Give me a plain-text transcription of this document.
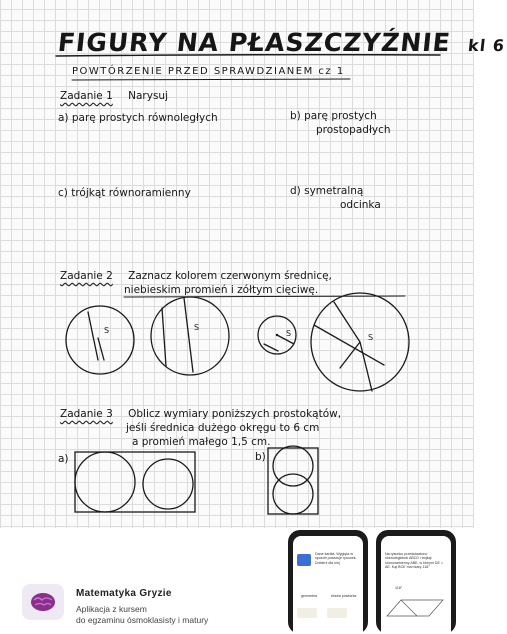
FIGURY NA PŁASZCZYŹNIE kl 6
POWTÓRZENIE PRZED SPRAWDZIANEM cz 1
Zadanie 1 Narysuj
a) parę prostych równoległych	b) parę prostych
prostopadłych
c) trójkąt równoramienny	d) symetralną
odcinka
Zadanie 2 Zaznacz kolorem czerwonym średnicę,
niebieskim promień i zółtym cięciwę.
Zadanie 3 Oblicz wymiary poniższych prostokątów,
jeśli średnica dużego okręgu to 6 cm
a promień małego 1,5 cm.
a)	b)
S	S
S	S
Matematyka Gryzie
Aplikacja z kursem
do egzaminu ósmoklasisty i matury
Dane kartka. Wygięta w sposób pokazuje rysunek. Dobierz dla niej
geometria	ekstra powtórka
Na rysunku przedstawiono równoległobok ABCD i trójkąt równoramienny ABE, w którym DE = AE. Kąt BCE ma miarę 118°
118°
